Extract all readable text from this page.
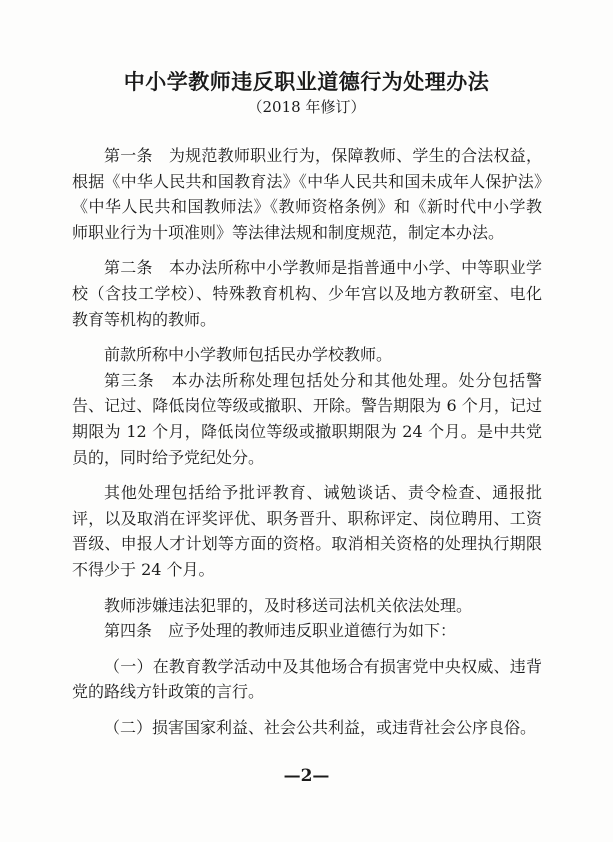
中小学教师违反职业道德行为处理办法

（2018 年修订）

第一条　为规范教师职业行为，保障教师、学生的合法权益，根据《中华人民共和国教育法》《中华人民共和国未成年人保护法》《中华人民共和国教师法》《教师资格条例》和《新时代中小学教师职业行为十项准则》等法律法规和制度规范，制定本办法。

第二条　本办法所称中小学教师是指普通中小学、中等职业学校（含技工学校）、特殊教育机构、少年宫以及地方教研室、电化教育等机构的教师。

前款所称中小学教师包括民办学校教师。

第三条　本办法所称处理包括处分和其他处理。处分包括警告、记过、降低岗位等级或撤职、开除。警告期限为 6 个月，记过期限为 12 个月，降低岗位等级或撤职期限为 24 个月。是中共党员的，同时给予党纪处分。

其他处理包括给予批评教育、诫勉谈话、责令检查、通报批评，以及取消在评奖评优、职务晋升、职称评定、岗位聘用、工资晋级、申报人才计划等方面的资格。取消相关资格的处理执行期限不得少于 24 个月。

教师涉嫌违法犯罪的，及时移送司法机关依法处理。

第四条　应予处理的教师违反职业道德行为如下：

（一）在教育教学活动中及其他场合有损害党中央权威、违背党的路线方针政策的言行。

（二）损害国家利益、社会公共利益，或违背社会公序良俗。

—2—
